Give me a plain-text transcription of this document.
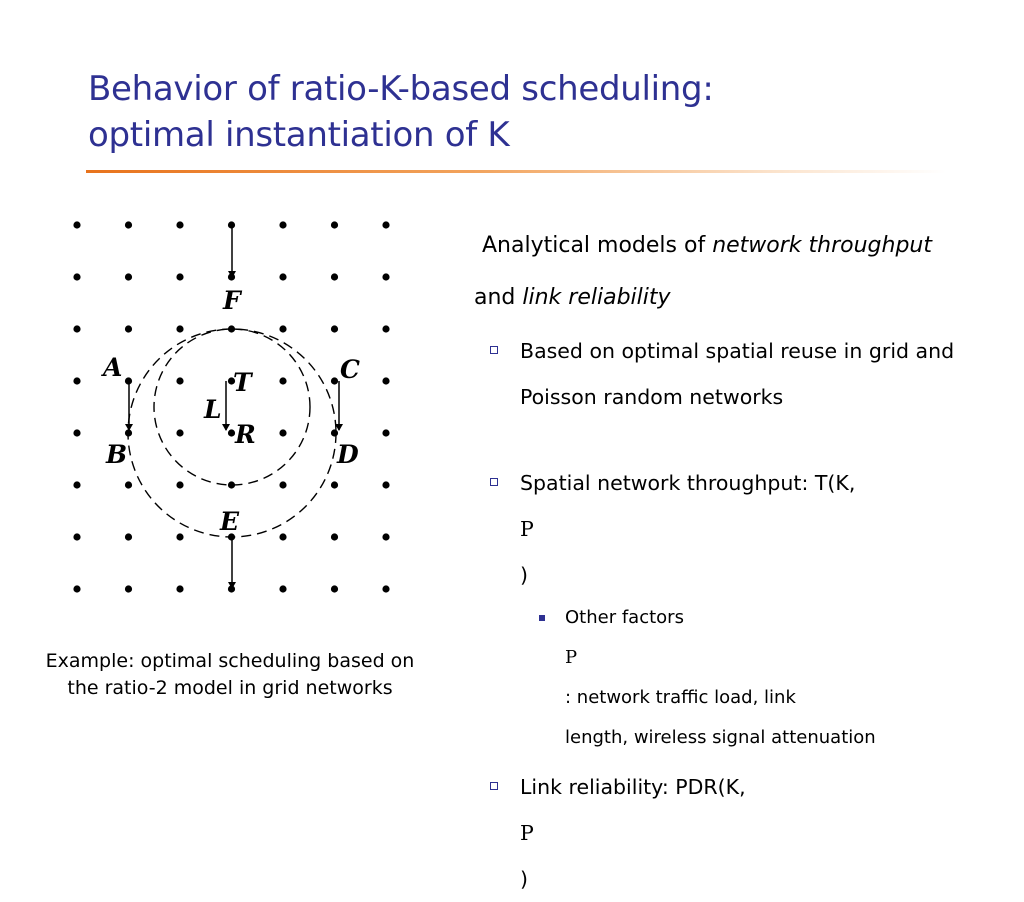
Behavior of ratio-K-based scheduling:
optimal instantiation of K
F
A	C
T
L
R
B	D
E
Example: optimal scheduling based on
the ratio-2 model in grid networks

Analytical models of network throughput
and link reliability

Based on optimal spatial reuse in grid and
Poisson random networks
Spatial network throughput: T(K,
P
)
Other factors
P
: network traffic load, link
length, wireless signal attenuation
Link reliability: PDR(K,
P
)
